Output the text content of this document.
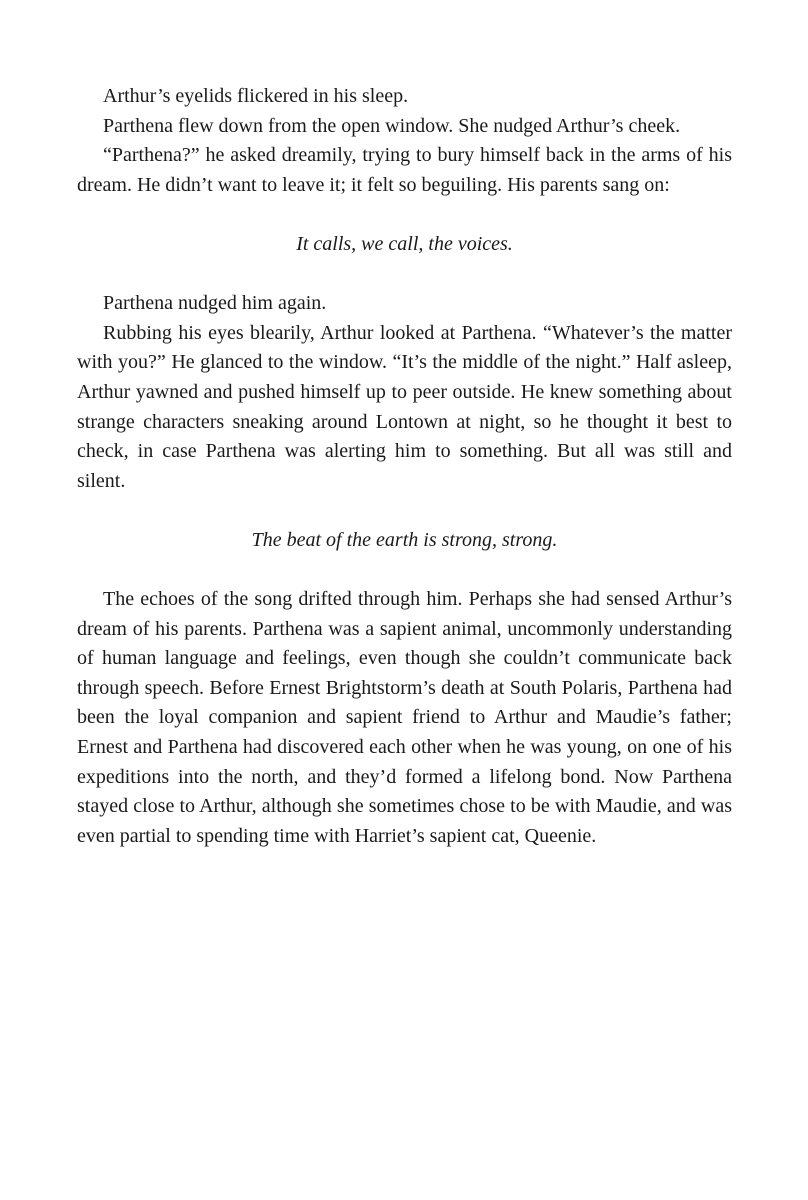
Arthur’s eyelids flickered in his sleep.

Parthena flew down from the open window. She nudged Arthur’s cheek.

“Parthena?” he asked dreamily, trying to bury himself back in the arms of his dream. He didn’t want to leave it; it felt so beguiling. His parents sang on:

It calls, we call, the voices.

Parthena nudged him again.

Rubbing his eyes blearily, Arthur looked at Parthena. “Whatever’s the matter with you?” He glanced to the window. “It’s the middle of the night.” Half asleep, Arthur yawned and pushed himself up to peer outside. He knew something about strange characters sneaking around Lontown at night, so he thought it best to check, in case Parthena was alerting him to something. But all was still and silent.

The beat of the earth is strong, strong.

The echoes of the song drifted through him. Perhaps she had sensed Arthur’s dream of his parents. Parthena was a sapient animal, uncommonly understanding of human language and feelings, even though she couldn’t communicate back through speech. Before Ernest Brightstorm’s death at South Polaris, Parthena had been the loyal companion and sapient friend to Arthur and Maudie’s father; Ernest and Parthena had discovered each other when he was young, on one of his expeditions into the north, and they’d formed a lifelong bond. Now Parthena stayed close to Arthur, although she sometimes chose to be with Maudie, and was even partial to spending time with Harriet’s sapient cat, Queenie.
